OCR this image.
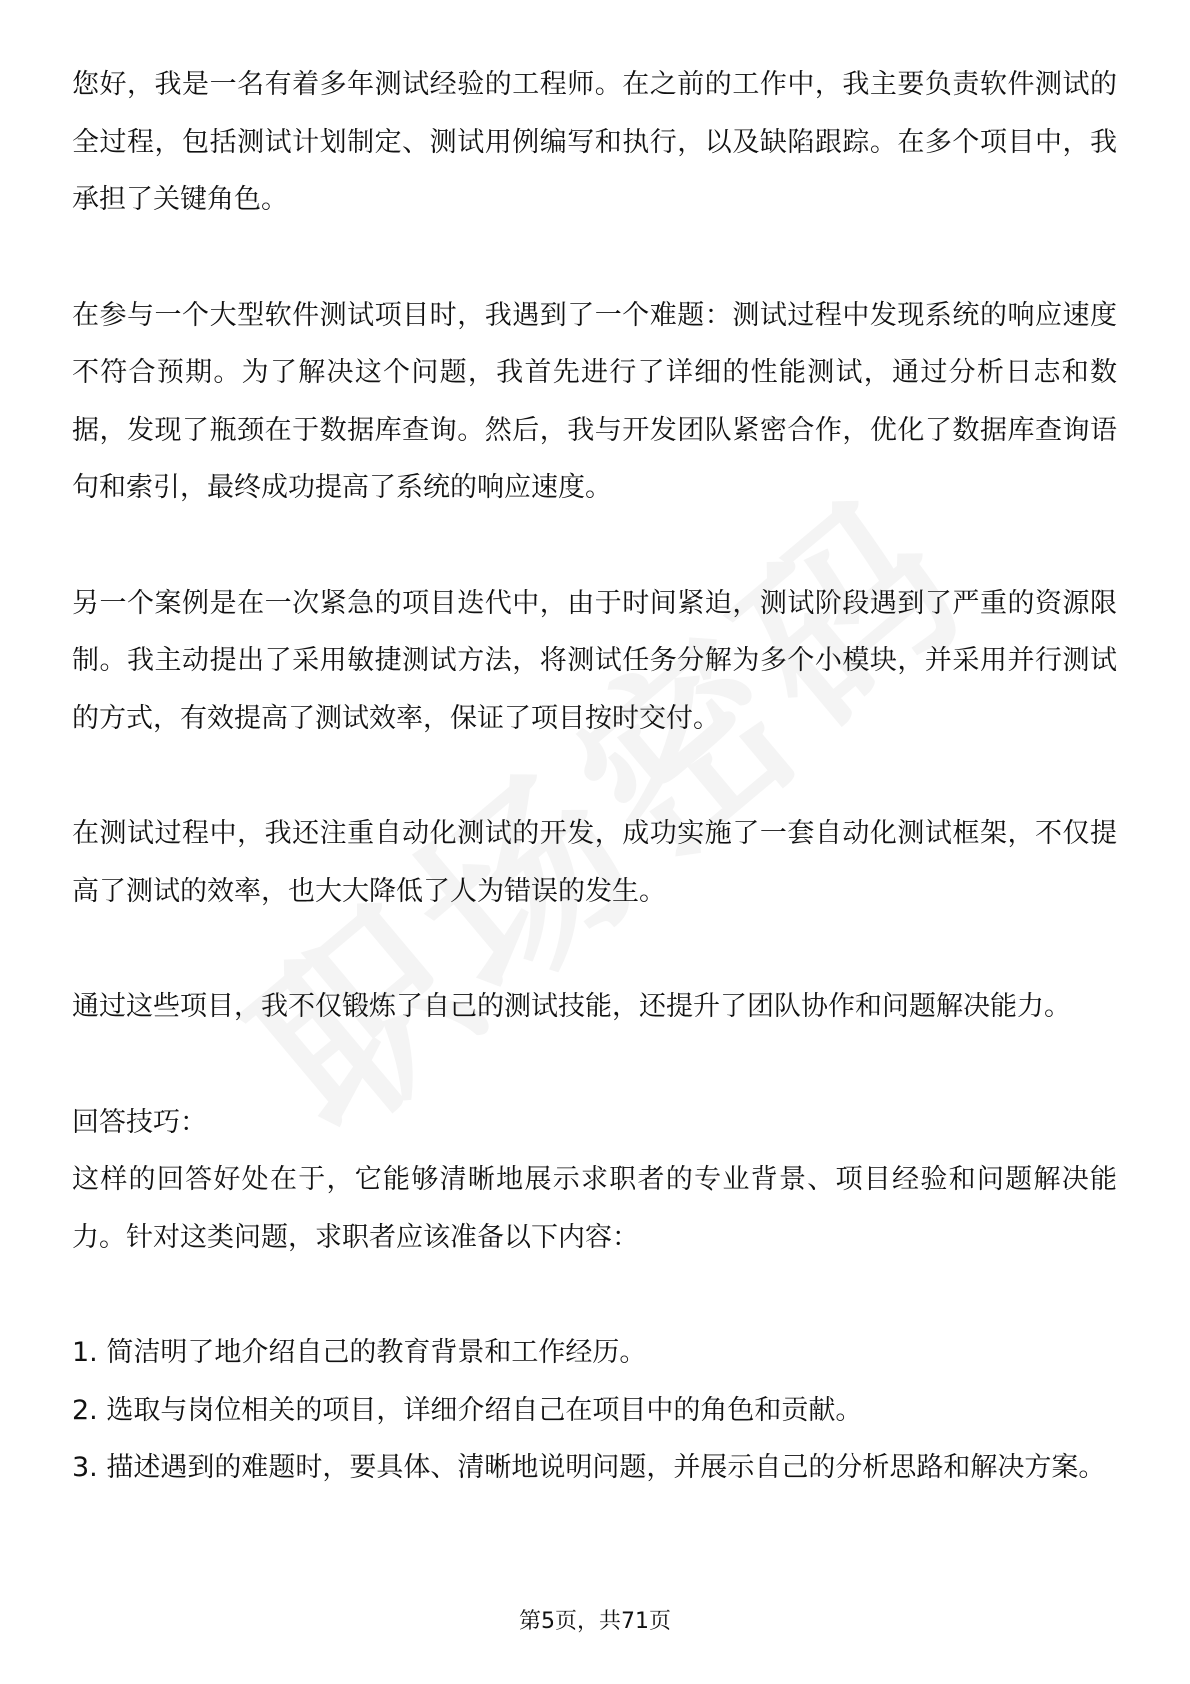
您好，我是一名有着多年测试经验的工程师。在之前的工作中，我主要负责软件测试的全过程，包括测试计划制定、测试用例编写和执行，以及缺陷跟踪。在多个项目中，我承担了关键角色。

在参与一个大型软件测试项目时，我遇到了一个难题：测试过程中发现系统的响应速度不符合预期。为了解决这个问题，我首先进行了详细的性能测试，通过分析日志和数据，发现了瓶颈在于数据库查询。然后，我与开发团队紧密合作，优化了数据库查询语句和索引，最终成功提高了系统的响应速度。

另一个案例是在一次紧急的项目迭代中，由于时间紧迫，测试阶段遇到了严重的资源限制。我主动提出了采用敏捷测试方法，将测试任务分解为多个小模块，并采用并行测试的方式，有效提高了测试效率，保证了项目按时交付。

在测试过程中，我还注重自动化测试的开发，成功实施了一套自动化测试框架，不仅提高了测试的效率，也大大降低了人为错误的发生。

通过这些项目，我不仅锻炼了自己的测试技能，还提升了团队协作和问题解决能力。

回答技巧：

这样的回答好处在于，它能够清晰地展示求职者的专业背景、项目经验和问题解决能力。针对这类问题，求职者应该准备以下内容：

1. 简洁明了地介绍自己的教育背景和工作经历。
2. 选取与岗位相关的项目，详细介绍自己在项目中的角色和贡献。
3. 描述遇到的难题时，要具体、清晰地说明问题，并展示自己的分析思路和解决方案。
第5页，共71页
